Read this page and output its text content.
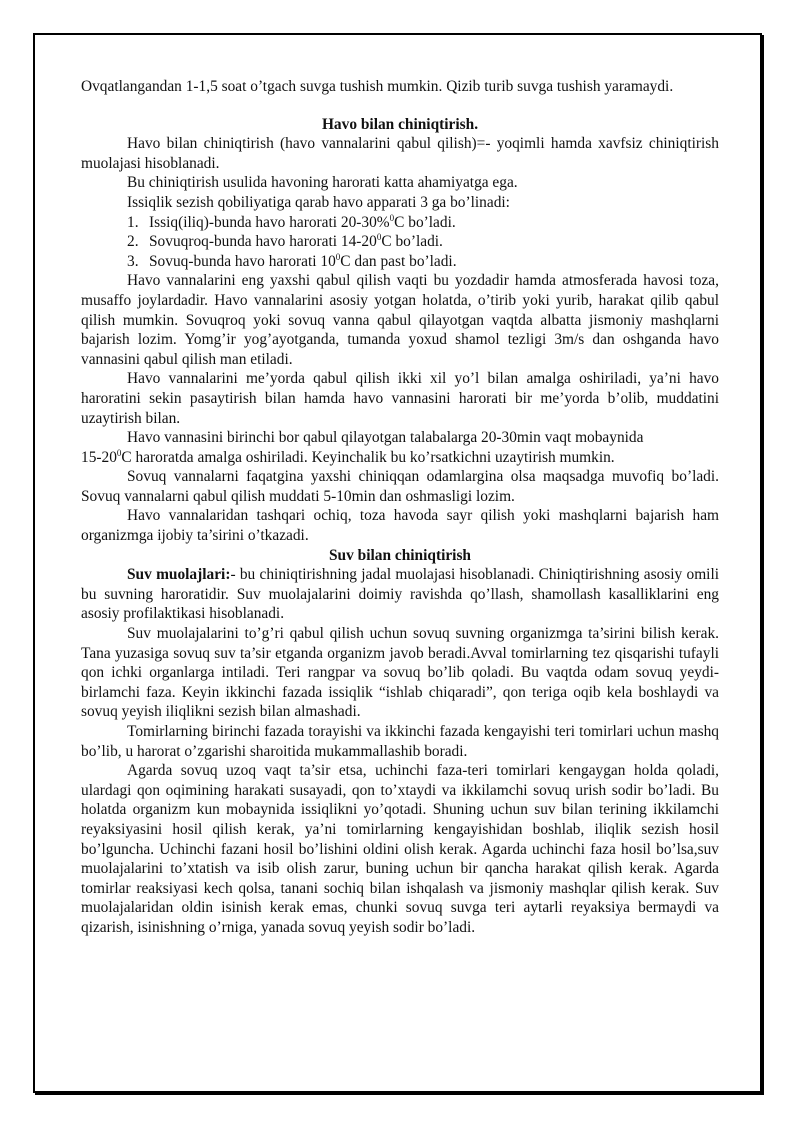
Ovqatlangandan 1-1,5 soat o’tgach suvga tushish mumkin. Qizib turib suvga tushish yaramaydi.

Havo bilan chiniqtirish.

Havo bilan chiniqtirish (havo vannalarini qabul qilish)=- yoqimli hamda xavfsiz chiniqtirish muolajasi hisoblanadi.

Bu chiniqtirish usulida havoning harorati katta ahamiyatga ega.

Issiqlik sezish qobiliyatiga qarab havo apparati 3 ga bo’linadi:

1. Issiq(iliq)-bunda havo harorati 20-30%$^0$C bo’ladi.
2. Sovuqroq-bunda havo harorati $14-20^0C$ bo’ladi.
3. Sovuq-bunda havo harorati $10^0C$ dan past bo’ladi.

Havo vannalarini eng yaxshi qabul qilish vaqti bu yozdadir hamda atmosferada havosi toza, musaffo joylardadir. Havo vannalarini asosiy yotgan holatda, o’tirib yoki yurib, harakat qilib qabul qilish mumkin. Sovuqroq yoki sovuq vanna qabul qilayotgan vaqtda albatta jismoniy mashqlarni bajarish lozim. Yomg’ir yog’ayotganda, tumanda yoxud shamol tezligi 3m/s dan oshganda havo vannasini qabul qilish man etiladi.

Havo vannalarini me’yorda qabul qilish ikki xil yo’l bilan amalga oshiriladi, ya’ni havo haroratini sekin pasaytirish bilan hamda havo vannasini harorati bir me’yorda b’olib, muddatini uzaytirish bilan.

Havo vannasini birinchi bor qabul qilayotgan talabalarga 20-30min vaqt mobaynida
$15-20^0C$ haroratda amalga oshiriladi. Keyinchalik bu ko’rsatkichni uzaytirish mumkin.

Sovuq vannalarni faqatgina yaxshi chiniqqan odamlargina olsa maqsadga muvofiq bo’ladi. Sovuq vannalarni qabul qilish muddati 5-10min dan oshmasligi lozim.

Havo vannalaridan tashqari ochiq, toza havoda sayr qilish yoki mashqlarni bajarish ham organizmga ijobiy ta’sirini o’tkazadi.

Suv bilan chiniqtirish

Suv muolajlari:- bu chiniqtirishning jadal muolajasi hisoblanadi. Chiniqtirishning asosiy omili bu suvning haroratidir. Suv muolajalarini doimiy ravishda qo’llash, shamollash kasalliklarini eng asosiy profilaktikasi hisoblanadi.

Suv muolajalarini to’g’ri qabul qilish uchun sovuq suvning organizmga ta’sirini bilish kerak. Tana yuzasiga sovuq suv ta’sir etganda organizm javob beradi.Avval tomirlarning tez qisqarishi tufayli qon ichki organlarga intiladi. Teri rangpar va sovuq bo’lib qoladi. Bu vaqtda odam sovuq yeydi-birlamchi faza. Keyin ikkinchi fazada issiqlik “ishlab chiqaradi”, qon teriga oqib kela boshlaydi va sovuq yeyish iliqlikni sezish bilan almashadi.

Tomirlarning birinchi fazada torayishi va ikkinchi fazada kengayishi teri tomirlari uchun mashq bo’lib, u harorat o’zgarishi sharoitida mukammallashib boradi.

Agarda sovuq uzoq vaqt ta’sir etsa, uchinchi faza-teri tomirlari kengaygan holda qoladi, ulardagi qon oqimining harakati susayadi, qon to’xtaydi va ikkilamchi sovuq urish sodir bo’ladi. Bu holatda organizm kun mobaynida issiqlikni yo’qotadi. Shuning uchun suv bilan terining ikkilamchi reyaksiyasini hosil qilish kerak, ya’ni tomirlarning kengayishidan boshlab, iliqlik sezish hosil bo’lguncha. Uchinchi fazani hosil bo’lishini oldini olish kerak. Agarda uchinchi faza hosil bo’lsa,suv muolajalarini to’xtatish va isib olish zarur, buning uchun bir qancha harakat qilish kerak. Agarda tomirlar reaksiyasi kech qolsa, tanani sochiq bilan ishqalash va jismoniy mashqlar qilish kerak. Suv muolajalaridan oldin isinish kerak emas, chunki sovuq suvga teri aytarli reyaksiya bermaydi va qizarish, isinishning o’rniga, yanada sovuq yeyish sodir bo’ladi.
